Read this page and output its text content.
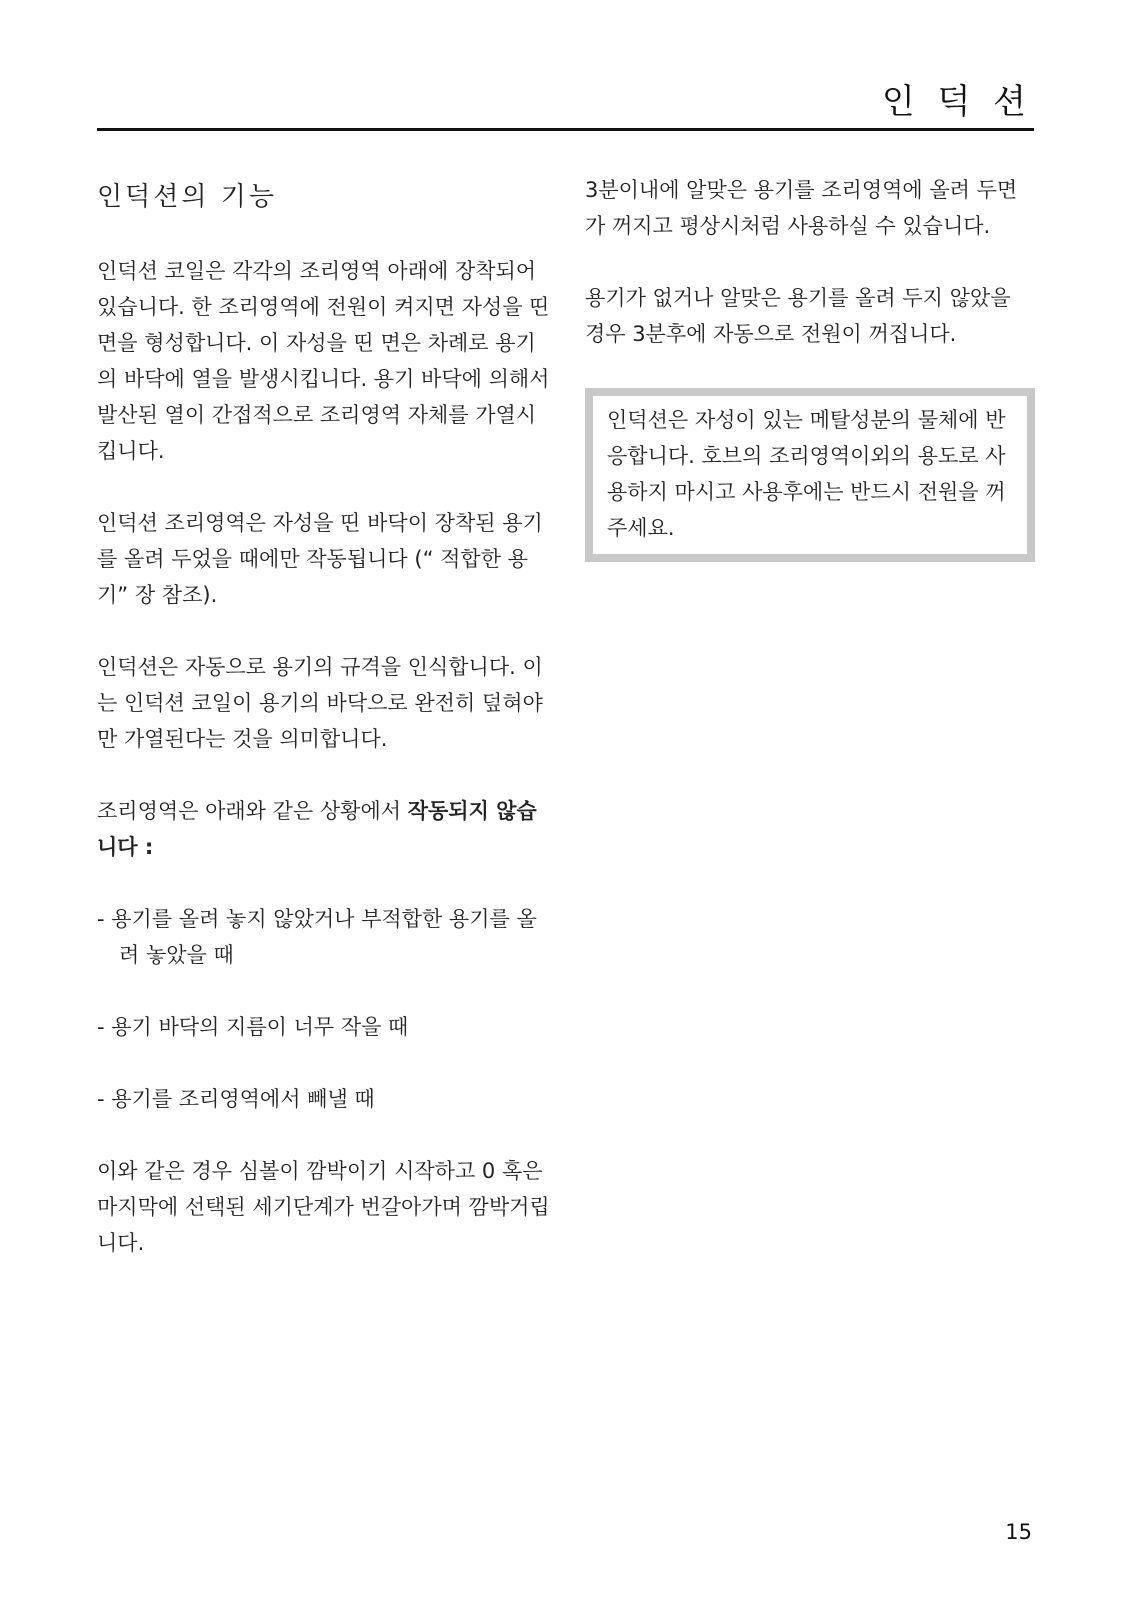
인 덕 션
인덕션의 기능

인덕션 코일은 각각의 조리영역 아래에 장착되어 있습니다. 한 조리영역에 전원이 켜지면 자성을 띤 면을 형성합니다. 이 자성을 띤 면은 차례로 용기의 바닥에 열을 발생시킵니다. 용기 바닥에 의해서 발산된 열이 간접적으로 조리영역 자체를 가열시킵니다.

인덕션 조리영역은 자성을 띤 바닥이 장착된 용기를 올려 두었을 때에만 작동됩니다 (“ 적합한 용기” 장 참조).

인덕션은 자동으로 용기의 규격을 인식합니다. 이는 인덕션 코일이 용기의 바닥으로 완전히 덮혀야만 가열된다는 것을 의미합니다.

조리영역은 아래와 같은 상황에서 작동되지 않습니다 :

- 용기를 올려 놓지 않았거나 부적합한 용기를 올려 놓았을 때
- 용기 바닥의 지름이 너무 작을 때
- 용기를 조리영역에서 빼낼 때

이와 같은 경우 심볼이 깜박이기 시작하고 0 혹은 마지막에 선택된 세기단계가 번갈아가며 깜박거립니다.

3분이내에 알맞은 용기를 조리영역에 올려 두면 가 꺼지고 평상시처럼 사용하실 수 있습니다.

용기가 없거나 알맞은 용기를 올려 두지 않았을 경우 3분후에 자동으로 전원이 꺼집니다.

인덕션은 자성이 있는 메탈성분의 물체에 반응합니다. 호브의 조리영역이외의 용도로 사용하지 마시고 사용후에는 반드시 전원을 꺼주세요.

15
